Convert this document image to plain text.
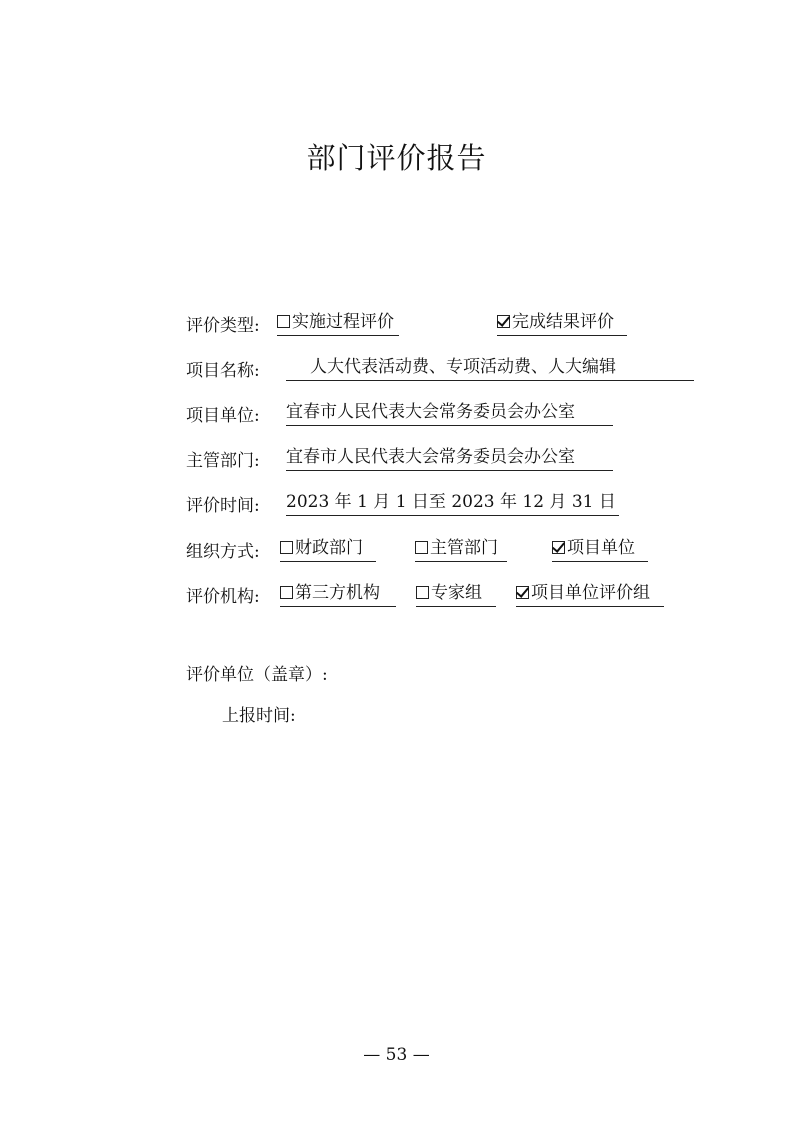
部门评价报告
评价类型:	实施过程评价	完成结果评价
项目名称:	人大代表活动费、专项活动费、人大编辑
项目单位: 宜春市人民代表大会常务委员会办公室
主管部门: 宜春市人民代表大会常务委员会办公室
评价时间: 2023 年 1 月 1 日至 2023 年 12 月 31 日
组织方式:	财政部门	主管部门	项目单位
评价机构:	第三方机构	专家组	项目单位评价组
评价单位（盖章）:
上报时间:
— 53 —
